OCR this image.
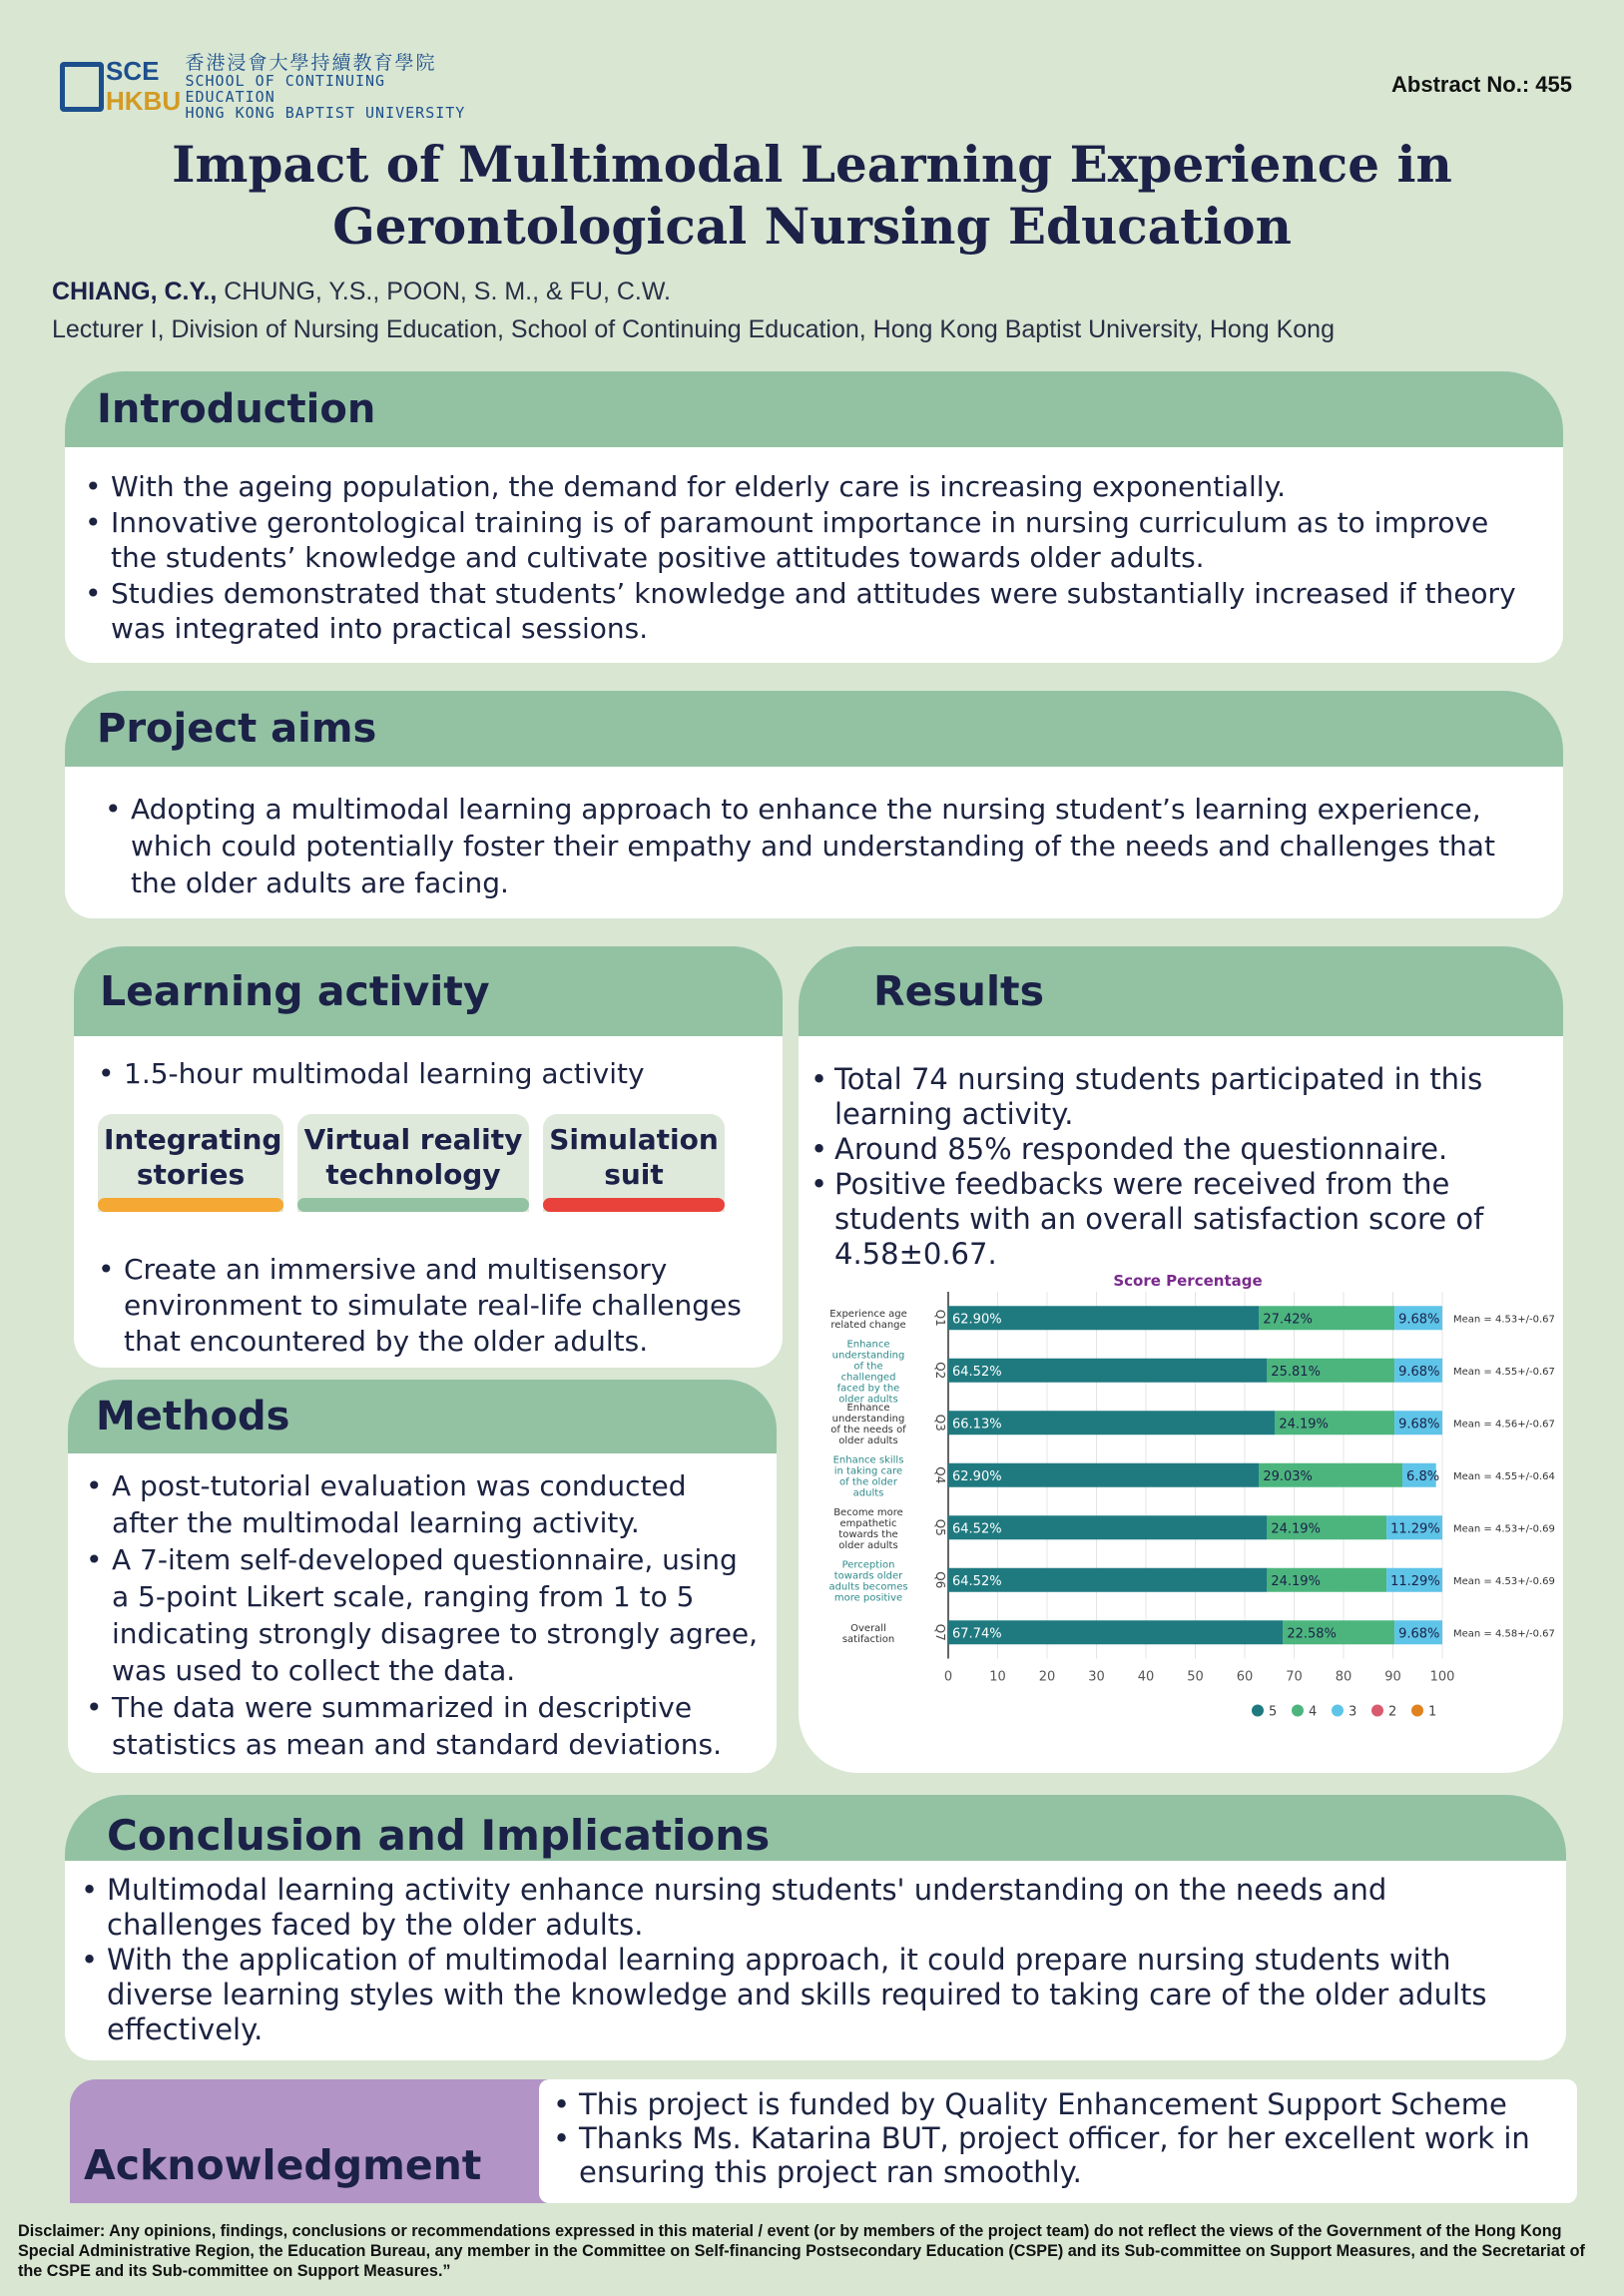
SCE
HKBU
香港浸會大學持續教育學院
SCHOOL OF CONTINUING EDUCATION
HONG KONG BAPTIST UNIVERSITY
Abstract No.: 455
Impact of Multimodal Learning Experience in
Gerontological Nursing Education
CHIANG, C.Y., CHUNG, Y.S., POON, S. M., & FU, C.W.
Lecturer I, Division of Nursing Education, School of Continuing Education, Hong Kong Baptist University, Hong Kong
Introduction
• With the ageing population, the demand for elderly care is increasing exponentially.
• Innovative gerontological training is of paramount importance in nursing curriculum as to improve the students’ knowledge and cultivate positive attitudes towards older adults.
• Studies demonstrated that students’ knowledge and attitudes were substantially increased if theory was integrated into practical sessions.
Project aims
• Adopting a multimodal learning approach to enhance the nursing student’s learning experience, which could potentially foster their empathy and understanding of the needs and challenges that the older adults are facing.
Learning activity
• 1.5-hour multimodal learning activity
Integrating stories
Virtual reality technology
Simulation suit
• Create an immersive and multisensory environment to simulate real-life challenges that encountered by the older adults.
Methods
• A post-tutorial evaluation was conducted after the multimodal learning activity.
• A 7-item self-developed questionnaire, using a 5-point Likert scale, ranging from 1 to 5 indicating strongly disagree to strongly agree, was used to collect the data.
• The data were summarized in descriptive statistics as mean and standard deviations.
Results
• Total 74 nursing students participated in this learning activity.
• Around 85% responded the questionnaire.
• Positive feedbacks were received from the students with an overall satisfaction score of 4.58±0.67.
Score Percentage
0	10	20	30	40	50	60	70	80	90 100
Experience age related change Q1 62.90%	27.42%	9.68% Mean = 4.53+/-0.67
Enhance understanding of the challenged faced by the older adults
Q2 64.52%	25.81%	9.68% Mean = 4.55+/-0.67
Enhance understanding of the needs of older adults
Q3 66.13%	24.19%	9.68% Mean = 4.56+/-0.67
Enhance skills in taking care of the older adults
Q4 62.90%	29.03%	6.8% Mean = 4.55+/-0.64
Become more empathetic towards the older adults
Q5 64.52%	24.19%	11.29% Mean = 4.53+/-0.69
Perception towards older adults becomes more positive
Q6 64.52%	24.19%	11.29% Mean = 4.53+/-0.69
Overall satifaction	Q7 67.74%	22.58%	9.68% Mean = 4.58+/-0.67
5 4 3 2 1
Conclusion and Implications
• Multimodal learning activity enhance nursing students' understanding on the needs and challenges faced by the older adults.
• With the application of multimodal learning approach, it could prepare nursing students with diverse learning styles with the knowledge and skills required to taking care of the older adults effectively.
Acknowledgment
• This project is funded by Quality Enhancement Support Scheme
• Thanks Ms. Katarina BUT, project officer, for her excellent work in ensuring this project ran smoothly.
Disclaimer: Any opinions, findings, conclusions or recommendations expressed in this material / event (or by members of the project team) do not reflect the views of the Government of the Hong Kong Special Administrative Region, the Education Bureau, any member in the Committee on Self-financing Postsecondary Education (CSPE) and its Sub-committee on Support Measures, and the Secretariat of the CSPE and its Sub-committee on Support Measures.”
